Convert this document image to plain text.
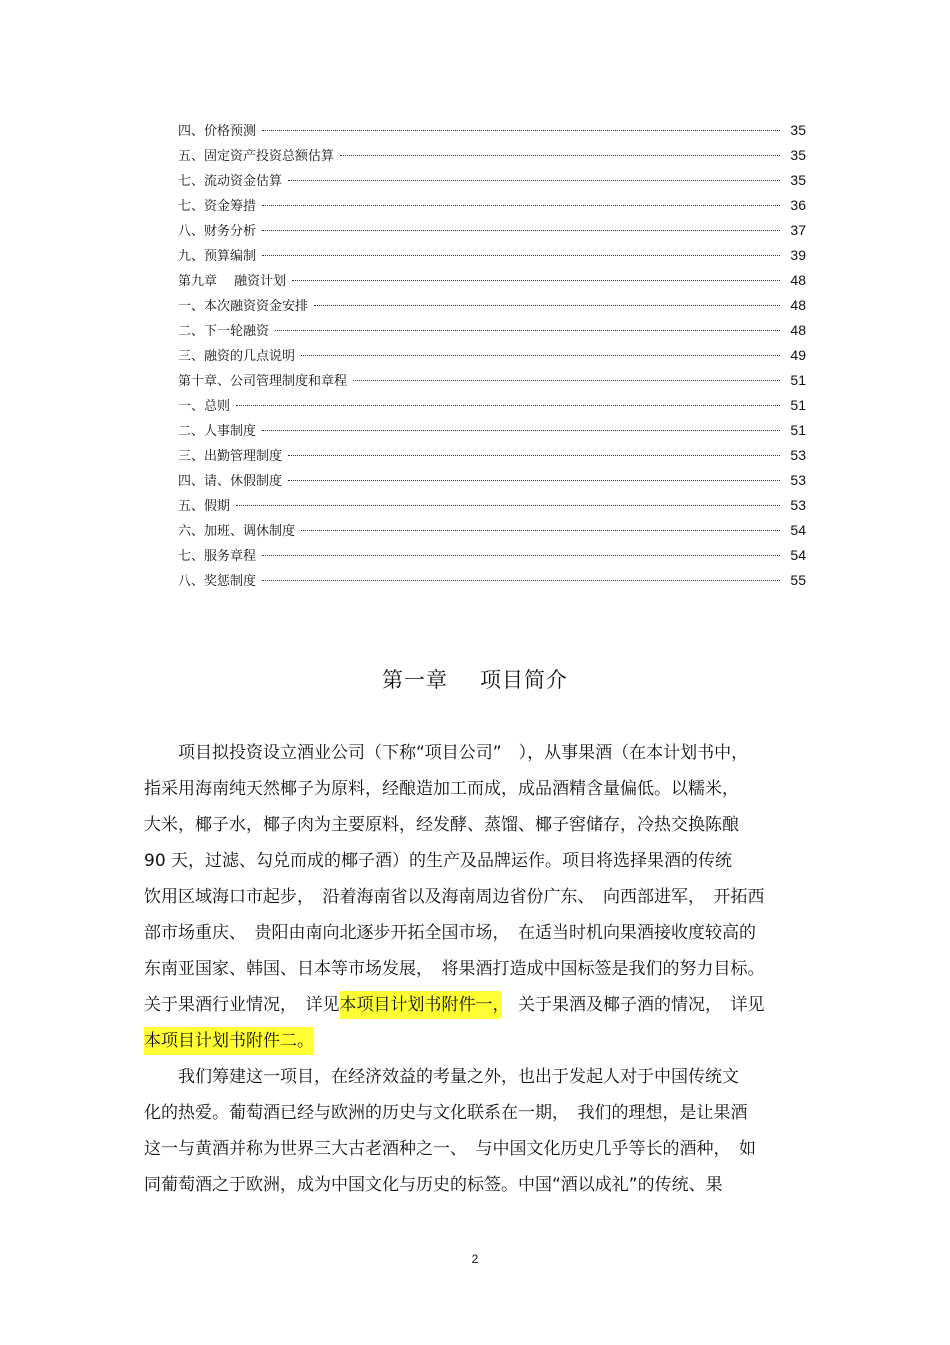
四、价格预测	35
五、固定资产投资总额估算	35
七、流动资金估算	35
七、资金筹措	36
八、财务分析	37
九、预算编制	39
第九章　 融资计划	48
一、本次融资资金安排	48
二、下一轮融资	48
三、融资的几点说明	49
第十章、公司管理制度和章程	51
一、总则	51
二、人事制度	51
三、出勤管理制度	53
四、请、休假制度	53
五、假期	53
六、加班、调休制度	54
七、服务章程	54
八、奖惩制度	55
第一章 项目简介
项目拟投资设立酒业公司（下称“项目公司”　），从事果酒（在本计划书中，
指采用海南纯天然椰子为原料，经酿造加工而成，成品酒精含量偏低。以糯米，
大米，椰子水，椰子肉为主要原料，经发酵、蒸馏、椰子窖储存，冷热交换陈酿
90 天，过滤、勾兑而成的椰子酒）的生产及品牌运作。项目将选择果酒的传统
饮用区域海口市起步，　沿着海南省以及海南周边省份广东、　向西部进军，　开拓西
部市场重庆、　贵阳由南向北逐步开拓全国市场，　在适当时机向果酒接收度较高的
东南亚国家、韩国、日本等市场发展，　将果酒打造成中国标签是我们的努力目标。
关于果酒行业情况，　详见本项目计划书附件一，　关于果酒及椰子酒的情况，　详见
本项目计划书附件二。
我们筹建这一项目，在经济效益的考量之外，也出于发起人对于中国传统文
化的热爱。葡萄酒已经与欧洲的历史与文化联系在一期，　我们的理想，是让果酒
这一与黄酒并称为世界三大古老酒种之一、　与中国文化历史几乎等长的酒种，　如
同葡萄酒之于欧洲，成为中国文化与历史的标签。中国“酒以成礼”的传统、果
2
